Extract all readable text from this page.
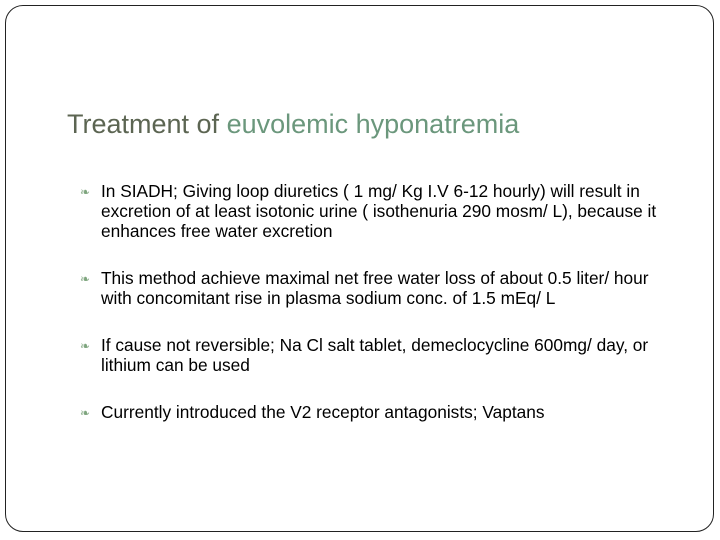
Treatment of euvolemic hyponatremia
❧ In SIADH; Giving loop diuretics ( 1 mg/ Kg I.V 6-12 hourly) will result in excretion of at least isotonic urine ( isothenuria 290 mosm/ L), because it enhances free water excretion
❧ This method achieve maximal net free water loss of about 0.5 liter/ hour with concomitant rise in plasma sodium conc. of 1.5 mEq/ L
❧ If cause not reversible; Na Cl salt tablet, demeclocycline 600mg/ day, or lithium can be used
❧ Currently introduced the V2 receptor antagonists; Vaptans
